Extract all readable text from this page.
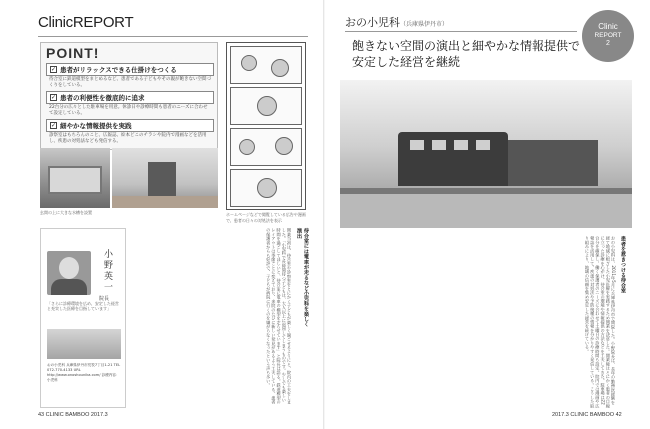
ClinicREPORT
POINT!
✓ 患者がリラックスできる仕掛けをつくる
待合室に鉄道模型をまとめるなど、患者である子どもやその親が飽きない空間づくりをしている。
✓ 患者の利便性を徹底的に追求
22台分の広々とした駐車場を用意。休診日や診療時間も患者のニーズに合わせて設定している。
✓ 細やかな情報提供を実践
診察室はもちろんのこと、広報誌、絵本どこのチラシや院内で漫画などを活用し、疾患の対処法なども発信する。
玄関の上に大きな水槽を設置	ホームページなどで閲覧している広告や漫画で、患者の日々の対処法を表示
小野英一
院長
「さらに診療環境を広め、安定した経営と充実した医療を目指しています」
おの小児科 兵庫県伊丹市荒牧7丁目1-21 TEL 072-770-4133 URL http://www.onoshounika.com/ 診療内容：小児科
待合室には電車が走るなど小児科を楽しく演出
開業当初は、待合室や診察室をとにかく子どもが楽しく過ごせるようにと、院内の工夫をしました。「小児科で長時間待つ子どもは、大人以上に退屈してしまうものです。少しでも楽しい時間を過ごしてほしいと、待合室に電車の模型を走らせています」と院長は語る。鉄道模型のレイアウトは季節ごとに変えており、来院のたびに新しい発見があるよう工夫している。患者の保護者からも好評で、子どもが病院に行くのを嫌がらなくなったという声も多い。
43 CLINIC BAMBOO 2017.3
Clinic
REPORT
2
おの小児科（兵庫県伊丹市）
飽きない空間の演出と細やかな情報提供で
安定した経営を継続
患者を惹きつける待合室
おの小児科は、2011年5月に兵庫県伊丹市で開院した。小野院長は、長年の勤務医経験を経て地域に根ざした小児医療を実践するため開業を決意した。開業後はとにかく患者の目線に立った診療を心がけ、待合室の環境や情報提供の方法などを工夫してきた。駐車場は22台分を確保し、働く保護者のニーズに合わせて土曜日の診療時間も設定。院内では漫画や広報誌を活用して、疾患の対処法や予防接種の情報を分かりやすく発信している。こうした取り組みにより、地域の信頼を集め安定した経営を続けている。
2017.3 CLINIC BAMBOO 42
